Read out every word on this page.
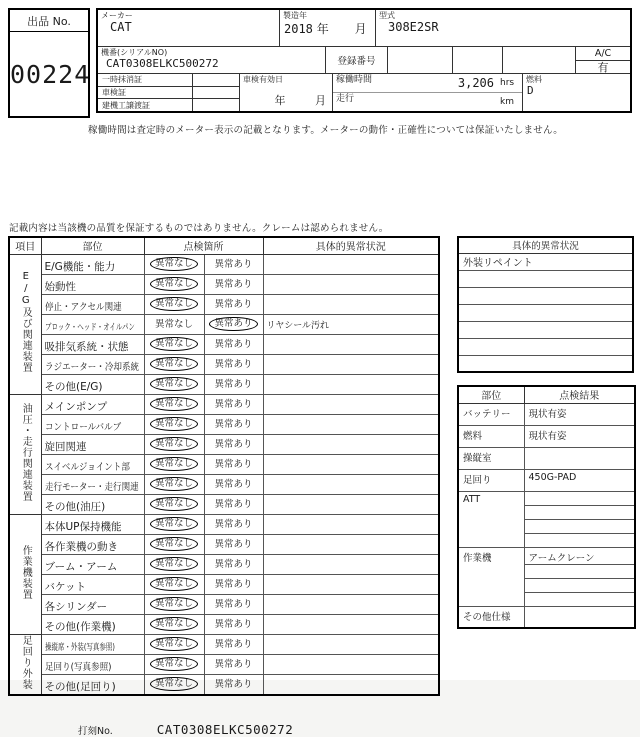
出品 No.
00224
メーカー
CAT
製造年
2018 年 月
型式
308E2SR
機番(シリアルNO)
CAT0308ELKC500272	登録番号
A/C
有
一時抹消証
車検証
建機工譲渡証
車検有効日
年	月
稼働時間	3,206 hrs
走行	km
燃料
D
稼働時間は査定時のメーター表示の記載となります。メーターの動作・正確性については保証いたしません。
記載内容は当該機の品質を保証するものではありません。クレームは認められません。
項目	部位	点検箇所		具体的異常状況
E/G及び関連装置	E/G機能・能力	異常なし	異常あり	
	始動性	異常なし	異常あり	
	停止・アクセル関連	異常なし	異常あり	
	ブロック・ヘッド・オイルパン	異常なし	異常あり	リヤシール汚れ
	吸排気系統・状態	異常なし	異常あり	
	ラジエーター・冷却系統	異常なし	異常あり	
	その他(E/G)	異常なし	異常あり	
油圧・走行関連装置	メインポンプ	異常なし	異常あり	
	コントロールバルブ	異常なし	異常あり	
	旋回関連	異常なし	異常あり	
	スイベルジョイント部	異常なし	異常あり	
	走行モーター・走行関連	異常なし	異常あり	
	その他(油圧)	異常なし	異常あり	
作業機装置	本体UP保持機能	異常なし	異常あり	
	各作業機の動き	異常なし	異常あり	
	ブーム・アーム	異常なし	異常あり	
	バケット	異常なし	異常あり	
	各シリンダー	異常なし	異常あり	
	その他(作業機)	異常なし	異常あり	
足回り外装	操縦席・外装(写真参照)	異常なし	異常あり	
	足回り(写真参照)	異常なし	異常あり	
	その他(足回り)	異常なし	異常あり	
具体的異常状況
外装リペイント

部位	点検結果
バッテリー	現状有姿
燃料	現状有姿
操縦室	
足回り	450G-PAD
ATT	

作業機	アームクレーン

その他仕様	
打刻No.	CAT0308ELKC500272
